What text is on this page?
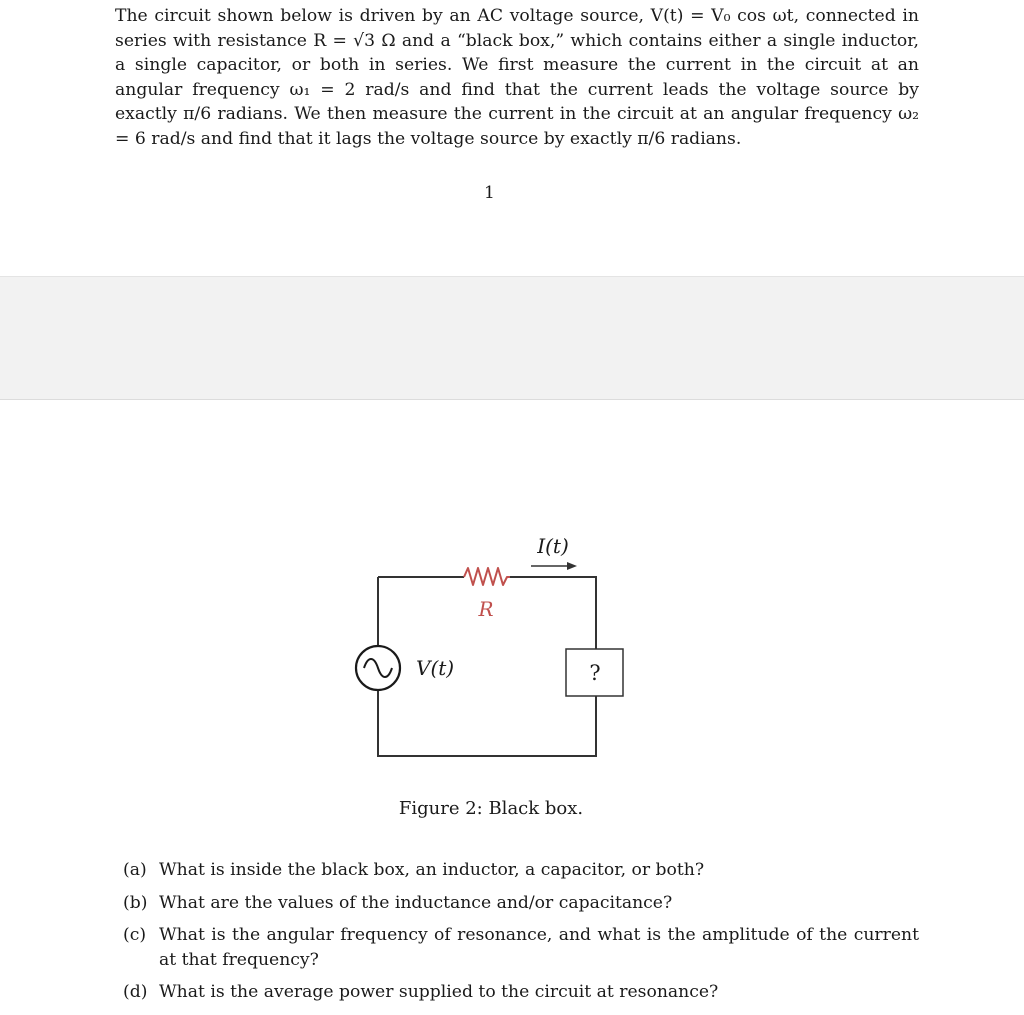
The circuit shown below is driven by an AC voltage source, V(t) = V₀ cos ωt, connected in series with resistance R = √3 Ω and a “black box,” which contains either a single inductor, a single capacitor, or both in series. We first measure the current in the circuit at an angular frequency ω₁ = 2 rad/s and find that the current leads the voltage source by exactly π/6 radians. We then measure the current in the circuit at an angular frequency ω₂ = 6 rad/s and find that it lags the voltage source by exactly π/6 radians.

1
R
I(t)
V(t)	?
Figure 2: Black box.
(a) What is inside the black box, an inductor, a capacitor, or both?
(b) What are the values of the inductance and/or capacitance?
(c) What is the angular frequency of resonance, and what is the amplitude of the current at that frequency?
(d) What is the average power supplied to the circuit at resonance?
